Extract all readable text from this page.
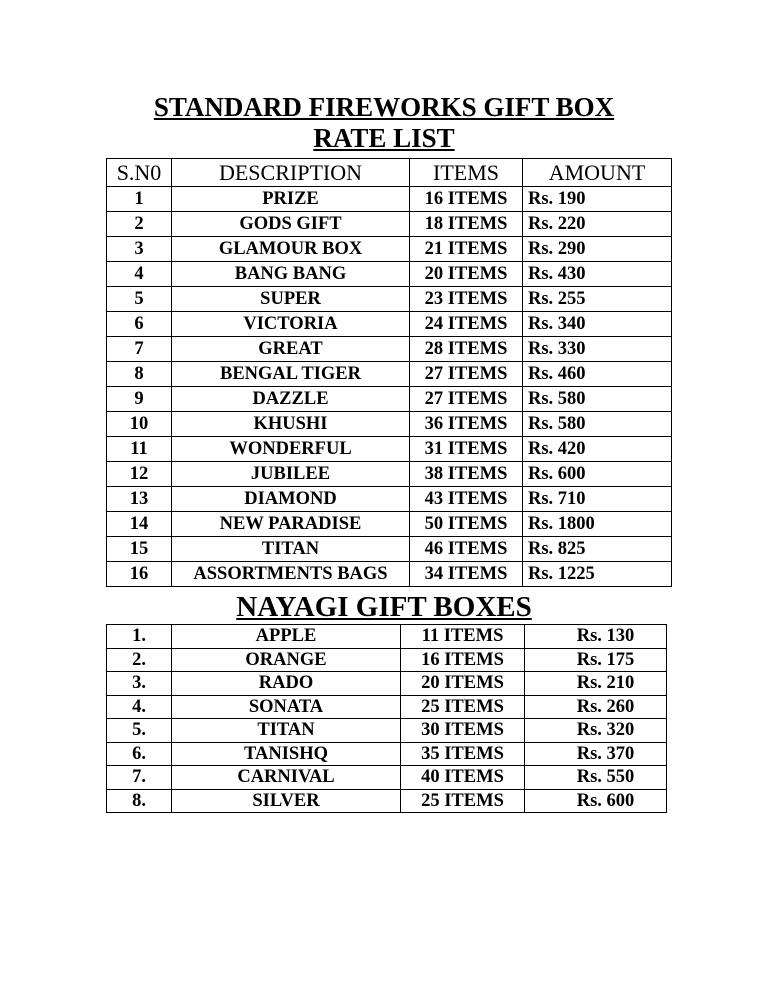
STANDARD FIREWORKS GIFT BOX
RATE LIST
S.N0	DESCRIPTION	ITEMS	AMOUNT
1	PRIZE	16 ITEMS	Rs. 190
2	GODS GIFT	18 ITEMS	Rs. 220
3	GLAMOUR BOX	21 ITEMS	Rs. 290
4	BANG BANG	20 ITEMS	Rs. 430
5	SUPER	23 ITEMS	Rs. 255
6	VICTORIA	24 ITEMS	Rs. 340
7	GREAT	28 ITEMS	Rs. 330
8	BENGAL TIGER	27 ITEMS	Rs. 460
9	DAZZLE	27 ITEMS	Rs. 580
10	KHUSHI	36 ITEMS	Rs. 580
11	WONDERFUL	31 ITEMS	Rs. 420
12	JUBILEE	38 ITEMS	Rs. 600
13	DIAMOND	43 ITEMS	Rs. 710
14	NEW PARADISE	50 ITEMS	Rs. 1800
15	TITAN	46 ITEMS	Rs. 825
16	ASSORTMENTS BAGS	34 ITEMS	Rs. 1225
NAYAGI GIFT BOXES
1.	APPLE	11 ITEMS	Rs. 130
2.	ORANGE	16 ITEMS	Rs. 175
3.	RADO	20 ITEMS	Rs. 210
4.	SONATA	25 ITEMS	Rs. 260
5.	TITAN	30 ITEMS	Rs. 320
6.	TANISHQ	35 ITEMS	Rs. 370
7.	CARNIVAL	40 ITEMS	Rs. 550
8.	SILVER	25 ITEMS	Rs. 600
